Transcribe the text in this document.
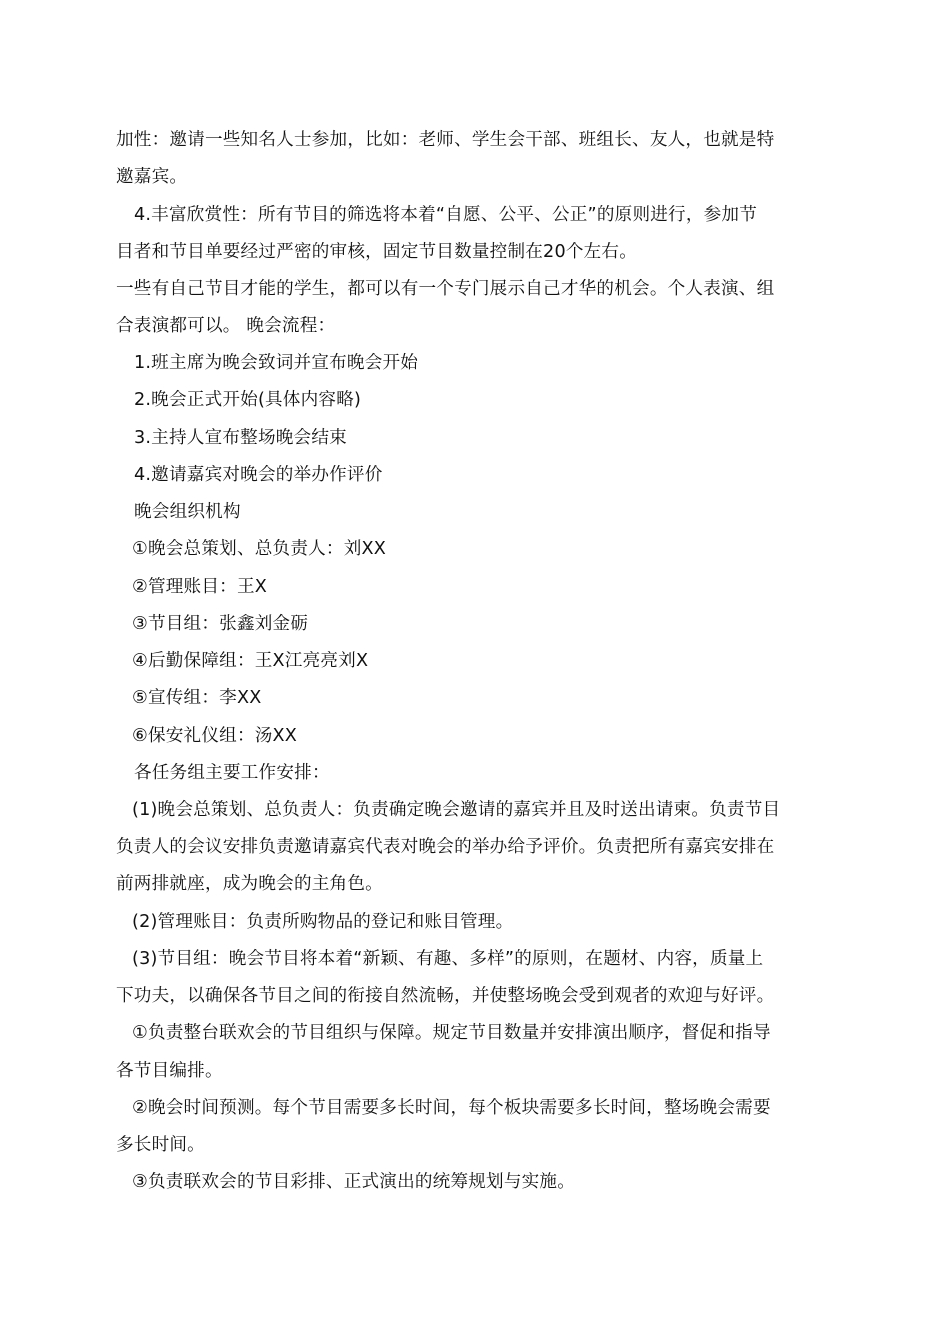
加性：邀请一些知名人士参加，比如：老师、学生会干部、班组长、友人，也就是特
邀嘉宾。
4.丰富欣赏性：所有节目的筛选将本着“自愿、公平、公正”的原则进行，参加节
目者和节目单要经过严密的审核，固定节目数量控制在20个左右。
一些有自己节目才能的学生，都可以有一个专门展示自己才华的机会。个人表演、组
合表演都可以。 晚会流程：
1.班主席为晚会致词并宣布晚会开始
2.晚会正式开始(具体内容略)
3.主持人宣布整场晚会结束
4.邀请嘉宾对晚会的举办作评价
晚会组织机构
①晚会总策划、总负责人：刘XX
②管理账目：王X
③节目组：张鑫刘金砺
④后勤保障组：王X江亮亮刘X
⑤宣传组：李XX
⑥保安礼仪组：汤XX
各任务组主要工作安排：
(1)晚会总策划、总负责人：负责确定晚会邀请的嘉宾并且及时送出请柬。负责节目
负责人的会议安排负责邀请嘉宾代表对晚会的举办给予评价。负责把所有嘉宾安排在
前两排就座，成为晚会的主角色。
(2)管理账目：负责所购物品的登记和账目管理。
(3)节目组：晚会节目将本着“新颖、有趣、多样”的原则，在题材、内容，质量上
下功夫，以确保各节目之间的衔接自然流畅，并使整场晚会受到观者的欢迎与好评。
①负责整台联欢会的节目组织与保障。规定节目数量并安排演出顺序，督促和指导
各节目编排。
②晚会时间预测。每个节目需要多长时间，每个板块需要多长时间，整场晚会需要
多长时间。
③负责联欢会的节目彩排、正式演出的统筹规划与实施。
